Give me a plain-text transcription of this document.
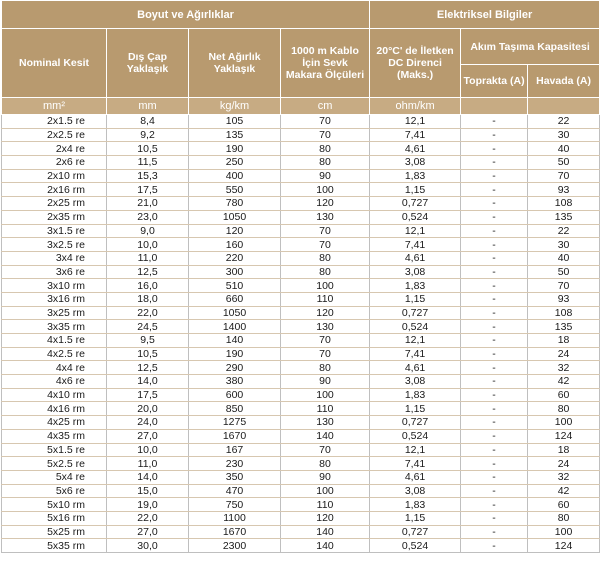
Boyut ve Ağırlıklar				Elektriksel Bilgiler		
Nominal Kesit	Dış Çap Yaklaşık	Net Ağırlık Yaklaşık	1000 m Kablo İçin Sevk Makara Ölçüleri	20°C' de İletken DC Direnci (Maks.)	Akım Taşıma Kapasitesi	
					Toprakta (A)	Havada (A)
mm²	mm	kg/km	cm	ohm/km		
2x1.5 re	8,4	105	70	12,1	-	22
2x2.5 re	9,2	135	70	7,41	-	30
2x4 re	10,5	190	80	4,61	-	40
2x6 re	11,5	250	80	3,08	-	50
2x10 rm	15,3	400	90	1,83	-	70
2x16 rm	17,5	550	100	1,15	-	93
2x25 rm	21,0	780	120	0,727	-	108
2x35 rm	23,0	1050	130	0,524	-	135
3x1.5 re	9,0	120	70	12,1	-	22
3x2.5 re	10,0	160	70	7,41	-	30
3x4 re	11,0	220	80	4,61	-	40
3x6 re	12,5	300	80	3,08	-	50
3x10 rm	16,0	510	100	1,83	-	70
3x16 rm	18,0	660	110	1,15	-	93
3x25 rm	22,0	1050	120	0,727	-	108
3x35 rm	24,5	1400	130	0,524	-	135
4x1.5 re	9,5	140	70	12,1	-	18
4x2.5 re	10,5	190	70	7,41	-	24
4x4 re	12,5	290	80	4,61	-	32
4x6 re	14,0	380	90	3,08	-	42
4x10 rm	17,5	600	100	1,83	-	60
4x16 rm	20,0	850	110	1,15	-	80
4x25 rm	24,0	1275	130	0,727	-	100
4x35 rm	27,0	1670	140	0,524	-	124
5x1.5 re	10,0	167	70	12,1	-	18
5x2.5 re	11,0	230	80	7,41	-	24
5x4 re	14,0	350	90	4,61	-	32
5x6 re	15,0	470	100	3,08	-	42
5x10 rm	19,0	750	110	1,83	-	60
5x16 rm	22,0	1100	120	1,15	-	80
5x25 rm	27,0	1670	140	0,727	-	100
5x35 rm	30,0	2300	140	0,524	-	124
